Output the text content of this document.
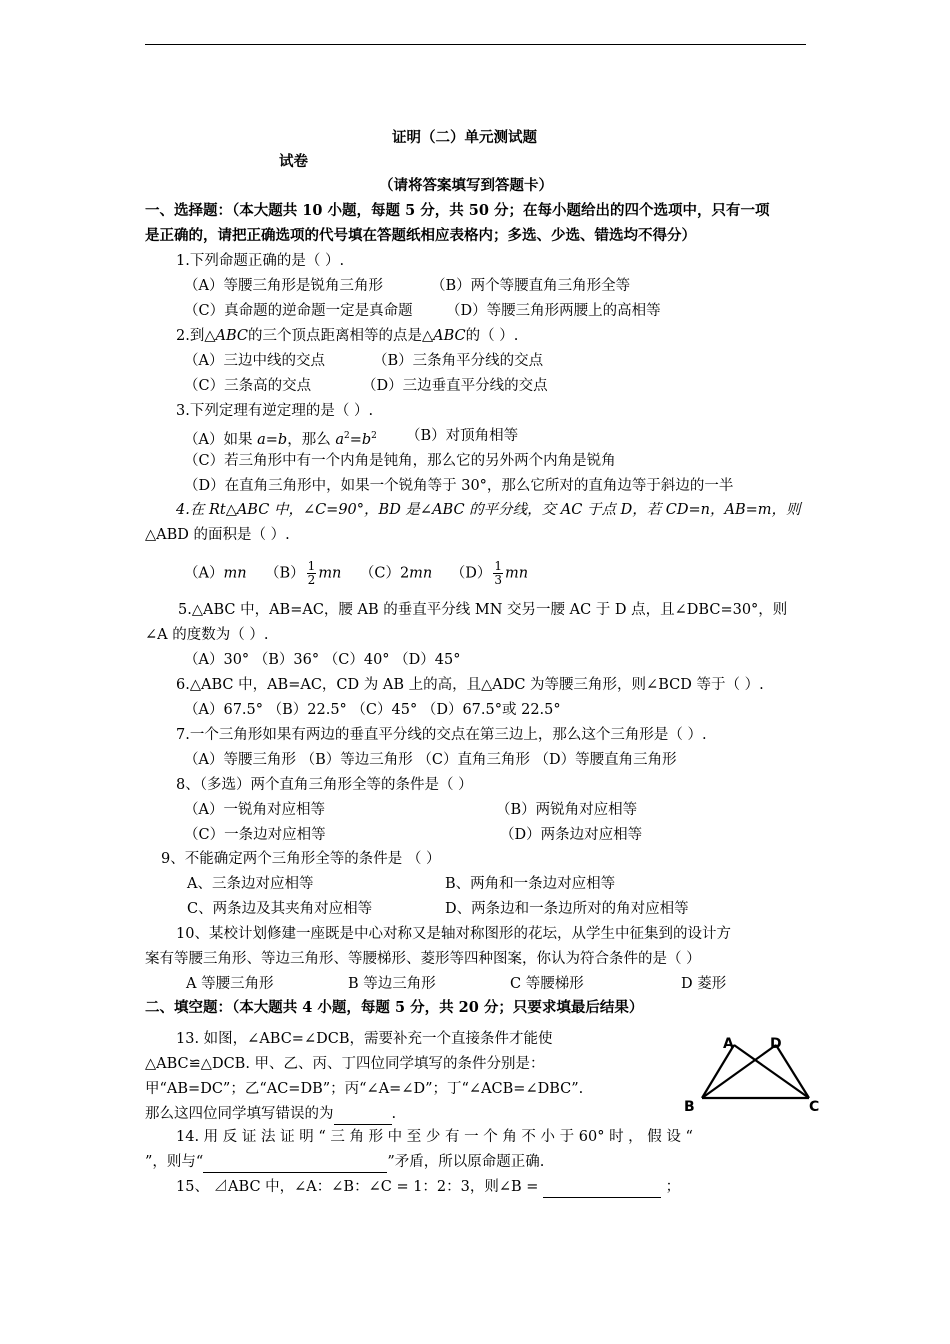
证明（二）单元测试题
试卷
（请将答案填写到答题卡）
一、选择题：（本大题共 10 小题，每题 5 分，共 50 分；在每小题给出的四个选项中，只有一项
是正确的，请把正确选项的代号填在答题纸相应表格内；多选、少选、错选均不得分）
1.下列命题正确的是（ ）.
（A）等腰三角形是锐角三角形	（B）两个等腰直角三角形全等
（C）真命题的逆命题一定是真命题 （D）等腰三角形两腰上的高相等
2.到△ABC的三个顶点距离相等的点是△ABC的（ ）.
（A）三边中线的交点	（B）三条角平分线的交点
（C）三条高的交点	（D）三边垂直平分线的交点
3.下列定理有逆定理的是（ ）.
（A）如果 a=b，那么 $a^2=b^2$ （B）对顶角相等
（C）若三角形中有一个内角是钝角，那么它的另外两个内角是锐角
（D）在直角三角形中，如果一个锐角等于 30°，那么它所对的直角边等于斜边的一半
4.在 Rt△ABC 中，∠C=90°，BD 是∠ABC 的平分线，交 AC 于点 D，若 CD=n，AB=m，则
△ABD 的面积是（ ）.
（A）mn $(B) \frac{1}{2}$ mn （C）2mn $(D) \frac{1}{3}$ mn
5.△ABC 中，AB=AC，腰 AB 的垂直平分线 MN 交另一腰 AC 于 D 点，且∠DBC=30°，则
∠A 的度数为（ ）.
（A）30° （B）36° （C）40° （D）45°
6.△ABC 中，AB=AC，CD 为 AB 上的高，且△ADC 为等腰三角形，则∠BCD 等于（ ）.
（A）67.5° （B）22.5° （C）45° （D）67.5°或 22.5°
7.一个三角形如果有两边的垂直平分线的交点在第三边上，那么这个三角形是（ ）.
（A）等腰三角形 （B）等边三角形 （C）直角三角形 （D）等腰直角三角形
8、（多选）两个直角三角形全等的条件是（ ）
（A）一锐角对应相等	（B）两锐角对应相等
（C）一条边对应相等	（D）两条边对应相等
9、不能确定两个三角形全等的条件是 （ ）
A、三条边对应相等	B、两角和一条边对应相等
C、两条边及其夹角对应相等	D、两条边和一条边所对的角对应相等
10、某校计划修建一座既是中心对称又是轴对称图形的花坛，从学生中征集到的设计方
案有等腰三角形、等边三角形、等腰梯形、菱形等四种图案，你认为符合条件的是（ ）
A 等腰三角形	B 等边三角形	C 等腰梯形	D 菱形
二、填空题：（本大题共 4 小题，每题 5 分，共 20 分；只要求填最后结果）
13. 如图，∠ABC=∠DCB，需要补充一个直接条件才能使
△ABC≌△DCB. 甲、乙、丙、丁四位同学填写的条件分别是：
甲“AB=DC”；乙“AC=DB”；丙“∠A=∠D”；丁“∠ACB=∠DBC”.
那么这四位同学填写错误的为	.
A	D
B	C
14. 用 反 证 法 证 明 “ 三 角 形 中 至 少 有 一 个 角 不 小 于 60° 时 ， 假 设 “
”，则与“	”矛盾，所以原命题正确.
15、 ⊿ABC 中，∠A：∠B：∠C = 1：2：3，则∠B =	；
